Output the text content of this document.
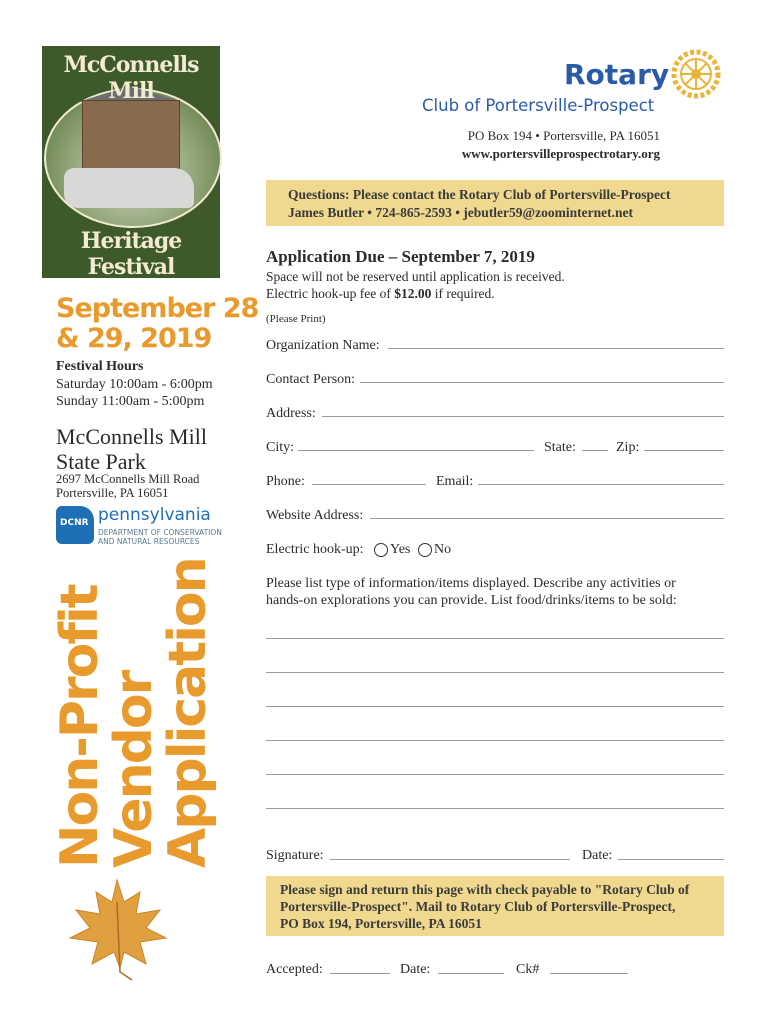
McConnells Mill
Heritage Festival
September 28
& 29, 2019
Festival Hours
Saturday 10:00am - 6:00pm
Sunday 11:00am - 5:00pm
McConnells Mill
State Park
2697 McConnells Mill Road
Portersville, PA 16051
DCNR pennsylvania
DEPARTMENT OF CONSERVATION
AND NATURAL RESOURCES
Non-Profit
Vendor
Application
Rotary
Club of Portersville-Prospect
PO Box 194 • Portersville, PA 16051
www.portersvilleprospectrotary.org
Questions: Please contact the Rotary Club of Portersville-Prospect
James Butler • 724-865-2593 • jebutler59@zoominternet.net
Application Due – September 7, 2019
Space will not be reserved until application is received.
Electric hook-up fee of $12.00 if required.
(Please Print)
Organization Name:
Contact Person:
Address:
City:	State:	Zip:
Phone:	Email:
Website Address:
Electric hook-up: Yes No
Please list type of information/items displayed. Describe any activities or
hands-on explorations you can provide. List food/drinks/items to be sold:
Signature:	Date:
Please sign and return this page with check payable to "Rotary Club of
Portersville-Prospect". Mail to Rotary Club of Portersville-Prospect,
PO Box 194, Portersville, PA 16051
Accepted:	Date:	Ck#
